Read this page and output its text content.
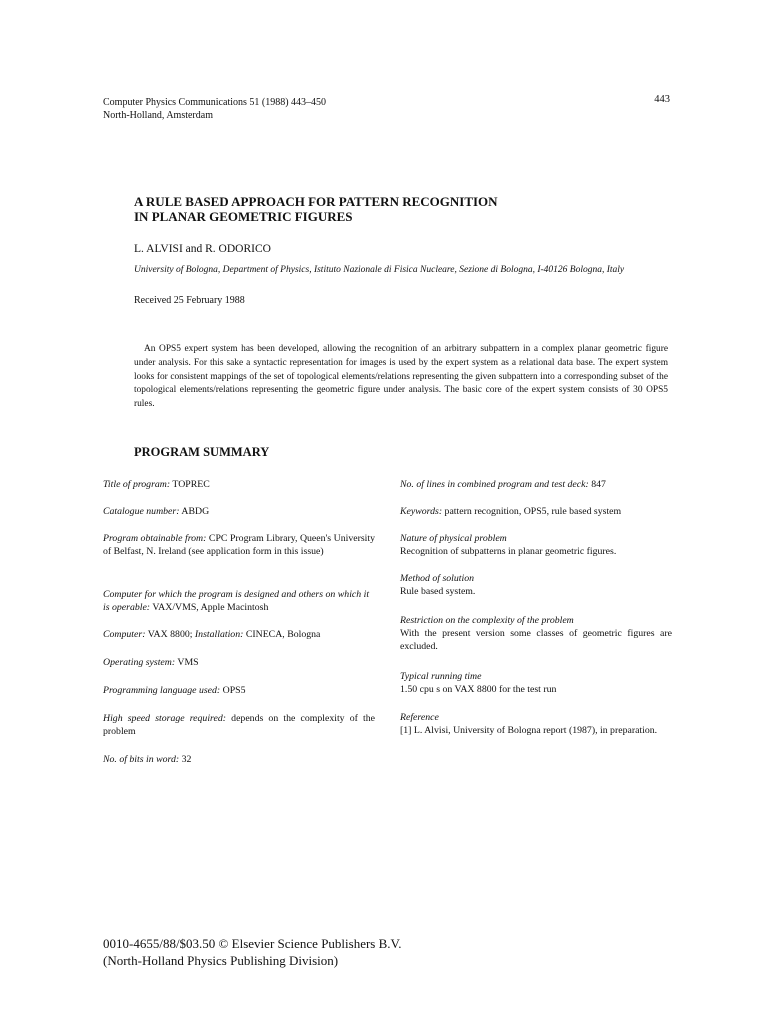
Computer Physics Communications 51 (1988) 443–450
North-Holland, Amsterdam
443
A RULE BASED APPROACH FOR PATTERN RECOGNITION
IN PLANAR GEOMETRIC FIGURES
L. ALVISI and R. ODORICO
University of Bologna, Department of Physics, Istituto Nazionale di Fisica Nucleare, Sezione di Bologna, I-40126 Bologna, Italy
Received 25 February 1988
An OPS5 expert system has been developed, allowing the recognition of an arbitrary subpattern in a complex planar geometric figure under analysis. For this sake a syntactic representation for images is used by the expert system as a relational data base. The expert system looks for consistent mappings of the set of topological elements/relations representing the given subpattern into a corresponding subset of the topological elements/relations representing the geometric figure under analysis. The basic core of the expert system consists of 30 OPS5 rules.
PROGRAM SUMMARY
Title of program: TOPREC
Catalogue number: ABDG
Program obtainable from: CPC Program Library, Queen's University of Belfast, N. Ireland (see application form in this issue)
Computer for which the program is designed and others on which it is operable: VAX/VMS, Apple Macintosh
Computer: VAX 8800; Installation: CINECA, Bologna
Operating system: VMS
Programming language used: OPS5
High speed storage required: depends on the complexity of the problem
No. of bits in word: 32
No. of lines in combined program and test deck: 847
Keywords: pattern recognition, OPS5, rule based system
Nature of physical problem
Recognition of subpatterns in planar geometric figures.
Method of solution
Rule based system.
Restriction on the complexity of the problem
With the present version some classes of geometric figures are excluded.
Typical running time
1.50 cpu s on VAX 8800 for the test run
Reference
[1] L. Alvisi, University of Bologna report (1987), in preparation.
0010-4655/88/$03.50 © Elsevier Science Publishers B.V.
(North-Holland Physics Publishing Division)
